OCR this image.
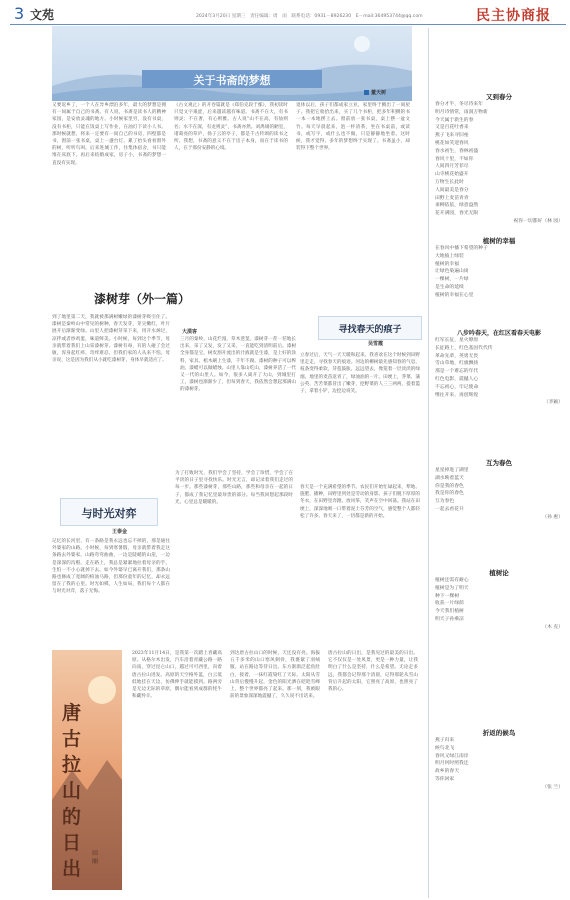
3 文苑	2024年3月20日 星期三　责任编辑：周　雨　联系电话：0931－8926230　E－mail:364953744@qq.com	民主协商报
关于书斋的梦想
董天树
又要返乡了，一个人在异乡漂泊多年，最大的梦想是拥有一间属于自己的书斋。有人说，书斋是读书人的精神家园，是安放灵魂的地方。小时候家里穷，没有书桌，没有书柜，只能在饭桌上写作业，在油灯下读小人书。那时候就想，将来一定要有一间自己的书房，四壁都是书，窗前一张书桌，桌上一盏台灯，累了抬头看看窗外的树，听听鸟叫。后来进城工作，住集体宿舍，书只能堆在床底下。再后来结婚成家，房子小，书斋的梦想一直没有实现。
《古文观止》的开卷篇就是《郑伯克段于鄢》，我初读时只觉文字艰涩，后来越读越有味道。书斋不在大，有书则灵；不在奢，有心则雅。古人说“山不在高，有仙则名；水不在深，有龙则灵”，书斋亦然。刘禹锡的陋室，诸葛亮的草庐，扬子云的亭子，都是千古传颂的读书之所。我想，书斋的意义不在于房子本身，而在于读书的人，在于那份安静的心境。
退休以后，孩子们都成家立业，家里终于腾出了一间屋子。我把它收拾出来，买了几个书柜，把多年积攒的书一本一本地摆上去。窗前放一张书桌，桌上摆一盆文竹。每天早晨起来，泡一杯清茶，坐在书桌前，或读书，或写字，或什么也不做，只是静静地坐着。这时候，我才觉得，多年的梦想终于实现了。书斋虽小，却装得下整个世界。
漆树芽（外一篇）
大漠客
到了地里第二天，我就被那满树嫩绿的漆树芽吸引住了。漆树是秦岭山中常见的树种，春天发芽，芽尖嫩红，叶片展开后渐渐变绿。山里人把漆树芽采下来，用开水焯过，凉拌或者炒鸡蛋，味道鲜美。小时候，每到这个季节，母亲就带着我们上山采漆树芽。漆树有毒，有的人碰了会过敏，浑身起红疹，奇痒难忍，但我们家的人从来不怕。母亲说，这是因为我们从小就吃漆树芽，身体早就适应了。
三月的秦岭，山花烂漫，草木葱茏。漆树芽一茬一茬地长出来，采了又发，发了又采，一直能吃到清明前后。漆树全身都是宝，树皮割开流出的汁液就是生漆，是上好的涂料，家具、棺木刷上生漆，千年不腐。漆树的种子可以榨油，漆蜡可以做蜡烛。山里人靠山吃山，漆树养活了一代又一代的山里人。如今，很多人离开了大山，到城里打工，漆树也渐渐少了，但每到春天，我依然会想起那满山的漆树芽。
为了打败时光，我们学会了坚持，学会了珍惜，学会了在平淡的日子里寻找快乐。时光无言，却记录着我们走过的每一步。那些漆树芽，那些山路，那些和母亲在一起的日子，都成了我记忆里最珍贵的部分。每当我回想起那段时光，心里总是暖暖的。
与时光对弈
王泰金
记忆的长河里，有一条路是我永远也忘不掉的，那是通往外婆家的山路。小时候，每到寒暑假，母亲就带着我走这条路去外婆家。山路弯弯曲曲，一边是陡峭的山崖，一边是深深的沟壑。走在路上，我总是紧紧地拉着母亲的手，生怕一不小心就掉下去。如今外婆早已离开我们，那条山路也修成了宽阔的柏油马路，但那份童年的记忆，却永远留在了我的心里。时光如棋，人生如局，我们每个人都在与时光对弈，落子无悔。
寻找春天的痕子
吴雪霞
立春过后，天气一天天暖和起来。我喜欢在这个时候到田野里走走，寻找春天的痕迹。河边的柳树最先感知春的气息，枝条变得柔软，芽苞鼓胀，远远望去，像笼着一层淡淡的绿烟。地里的麦苗返青了，绿油油的一片。田埂上，荠菜、蒲公英、苦苦菜都冒出了嫩芽，挖野菜的人三三两两，提着篮子，拿着小铲，边挖边说笑。
春天是一个充满希望的季节。农民们开始忙碌起来，犁地、施肥、播种，田野里到处是劳动的身影。孩子们脱下厚厚的冬衣，在田野里奔跑、放风筝，笑声在空中回荡。我站在田埂上，深深地吸一口带着泥土芬芳的空气，感觉整个人都轻松了许多。春天来了，一切都是新的开始。
唐古拉山的日出
田 丽
2023年11月14日，是我第一次踏上青藏高原。从格尔木出发，汽车沿着青藏公路一路向南，穿过昆仑山口，越过可可西里，向着唐古拉山进发。高原的天空格外蓝，白云低低地挂在天边，仿佛伸手就能摸到。路两旁是无边无际的草原，偶尔能看到成群的牦牛和藏羚羊。
到达唐古拉山口的时候，天还没有亮。海拔五千多米的山口寒风刺骨，我裹紧了羽绒服，站在路边等待日出。东方渐渐泛起鱼肚白，接着，一抹红霞染红了天际。太阳从雪山背后慢慢升起，金色的阳光洒在皑皑雪峰上，整个世界都亮了起来。那一刻，我被眼前的景象深深地震撼了，久久说不出话来。
唐古拉山的日出，是我见过的最美的日出。它不仅仅是一处风景，更是一种力量，让我明白了什么是坚持，什么是希望。无论走多远，我都会记得那个清晨，记得那轮从雪山背后升起的太阳，它照亮了高原，也照亮了我的心。
又到春分
春分才半，冬尽待来年
明月诗情常，雨润万物新
今天属于新生的春
又是百花吐香来
燕子飞来寻旧垒
桃花如笑迎春风
春水初生，春林初盛
春风十里，不如你
人间四月芳菲尽
山寺桃花始盛开
万物生长此时
人间最美是春分
田野上麦苗青青
垂柳依依，绿意盎然
花开满园，春光无限
祝你一切都好（林 园）
植树的幸福
在春风中播下希望的种子
大地披上绿装
植树的幸福
让绿色染遍山岗
一棵树，一片绿
是生命的延续
植树的幸福在心里
八步吟春天，在红区看春天电影
红军长征，星火燎原
长征路上，红色基因代代传
革命先辈，英勇无畏
雪山草地，红旗飘扬
那是一个难忘的年代
红色电影，震撼人心
不忘初心，牢记使命
继往开来，再创辉煌
（李颖）
互为春色
星星掉进了湖里
湖水映着蓝天
你是我的春色
我是你的春色
互为春色
一起去看花开
（孙 惠）
植树论
植树还需有耐心
植树是为了明天
种下一棵树
收获一片绿荫
今天我们植树
明天子孙乘凉
（木 克）
折返的候鸟
燕子归来
候鸟北飞
春风又绿江南岸
明月何时照我还
故乡的春天
等你回家
（张 兰）
